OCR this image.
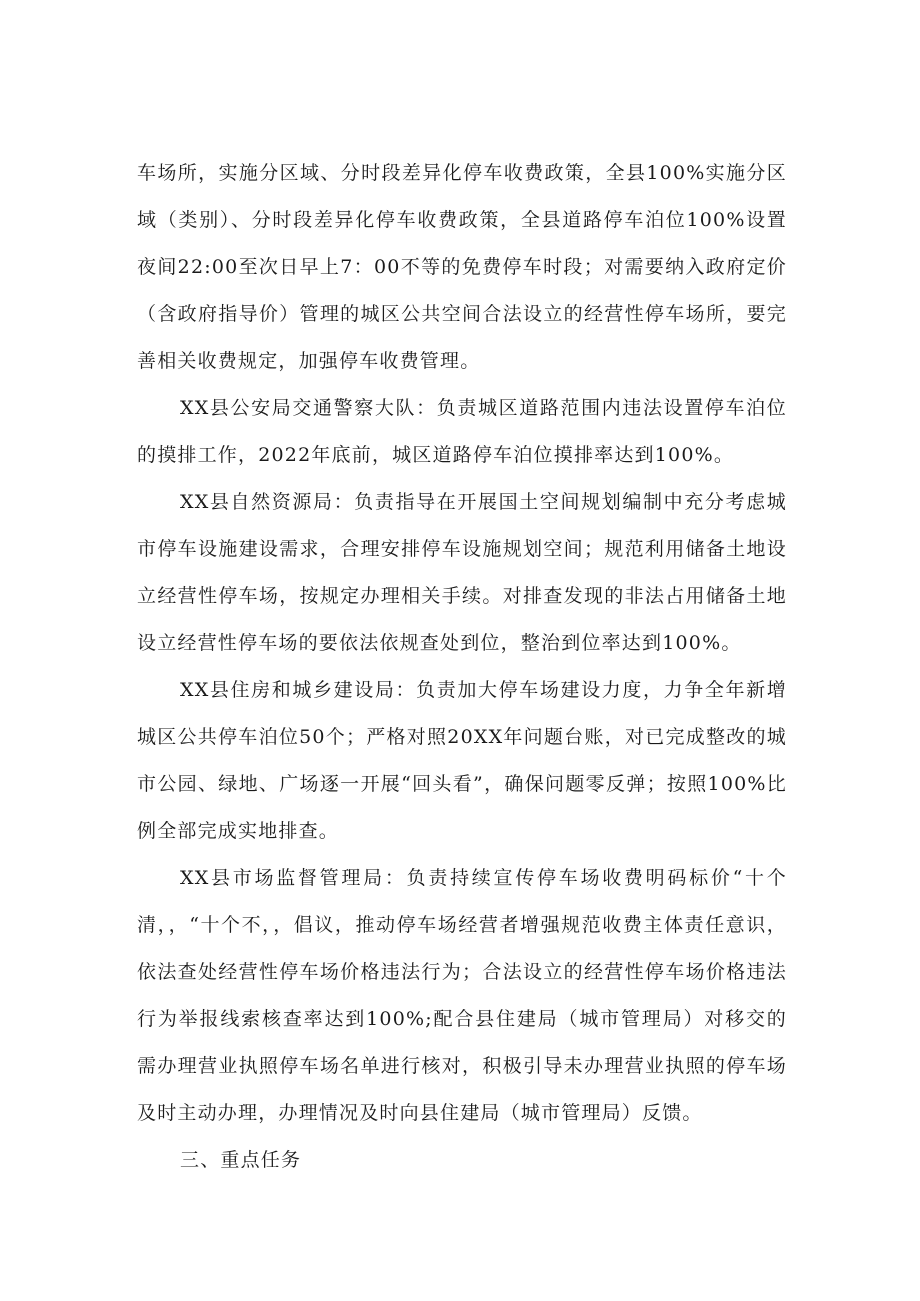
车场所，实施分区域、分时段差异化停车收费政策，全县100%实施分区域（类别）、分时段差异化停车收费政策，全县道路停车泊位100%设置夜间22:00至次日早上7：00不等的免费停车时段；对需要纳入政府定价（含政府指导价）管理的城区公共空间合法设立的经营性停车场所，要完善相关收费规定，加强停车收费管理。

XX县公安局交通警察大队：负责城区道路范围内违法设置停车泊位的摸排工作，2022年底前，城区道路停车泊位摸排率达到100%。

XX县自然资源局：负责指导在开展国土空间规划编制中充分考虑城市停车设施建设需求，合理安排停车设施规划空间；规范利用储备土地设立经营性停车场，按规定办理相关手续。对排查发现的非法占用储备土地设立经营性停车场的要依法依规查处到位，整治到位率达到100%。

XX县住房和城乡建设局：负责加大停车场建设力度，力争全年新增城区公共停车泊位50个；严格对照20XX年问题台账，对已完成整改的城市公园、绿地、广场逐一开展“回头看”，确保问题零反弹；按照100%比例全部完成实地排查。

XX县市场监督管理局：负责持续宣传停车场收费明码标价“十个清，，“十个不，，倡议，推动停车场经营者增强规范收费主体责任意识，依法查处经营性停车场价格违法行为；合法设立的经营性停车场价格违法行为举报线索核查率达到100%;配合县住建局（城市管理局）对移交的需办理营业执照停车场名单进行核对，积极引导未办理营业执照的停车场及时主动办理，办理情况及时向县住建局（城市管理局）反馈。

三、重点任务
